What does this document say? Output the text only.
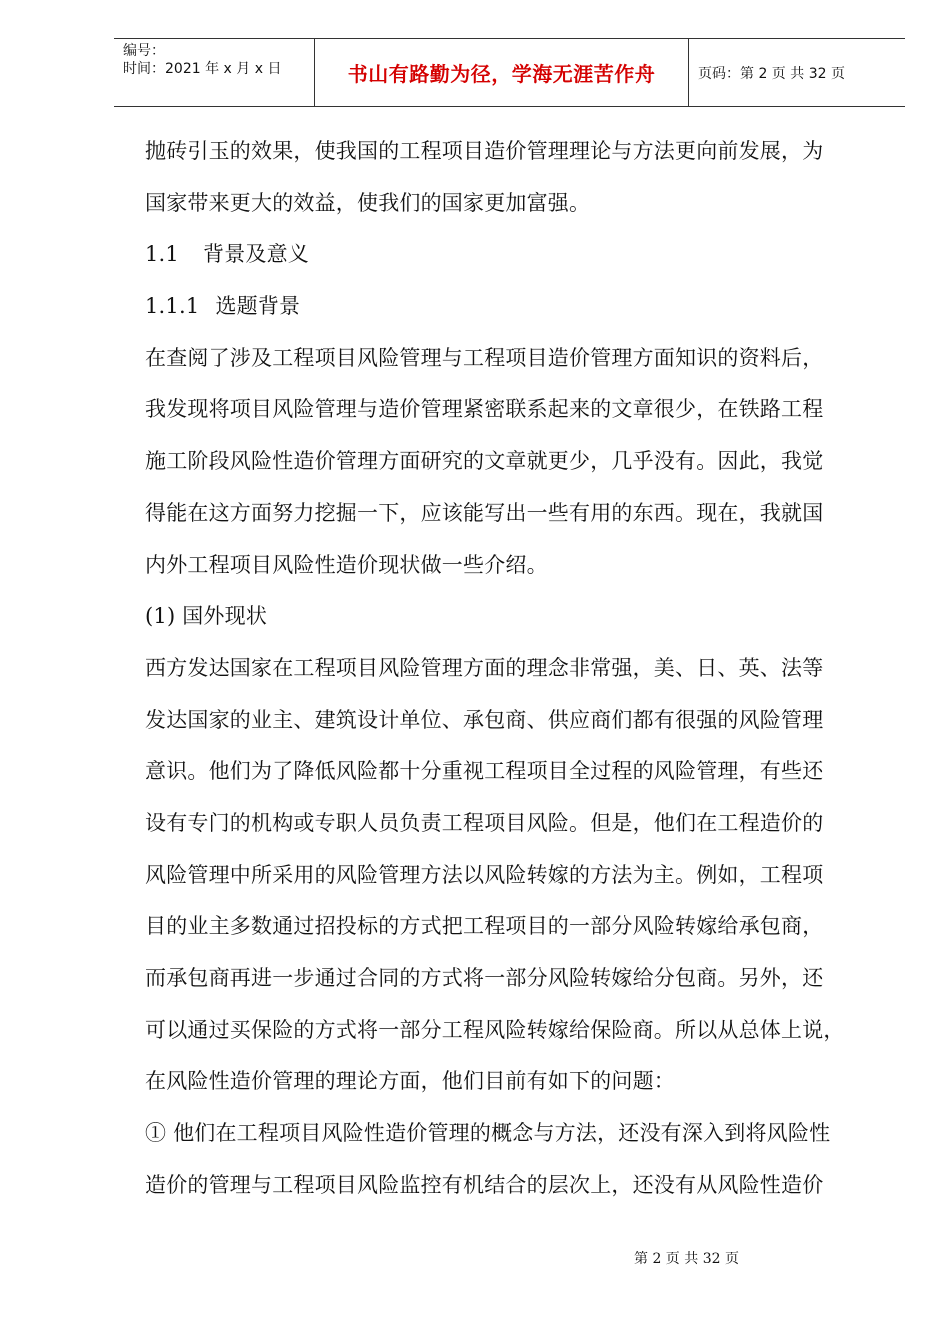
编号：
时间：2021 年 x 月 x 日	书山有路勤为径，学海无涯苦作舟	页码：第 2 页 共 32 页
抛砖引玉的效果，使我国的工程项目造价管理理论与方法更向前发展，为
国家带来更大的效益，使我们的国家更加富强。
1.1 背景及意义
1.1.1 选题背景
在查阅了涉及工程项目风险管理与工程项目造价管理方面知识的资料后，
我发现将项目风险管理与造价管理紧密联系起来的文章很少，在铁路工程
施工阶段风险性造价管理方面研究的文章就更少，几乎没有。因此，我觉
得能在这方面努力挖掘一下，应该能写出一些有用的东西。现在，我就国
内外工程项目风险性造价现状做一些介绍。
(1) 国外现状
西方发达国家在工程项目风险管理方面的理念非常强，美、日、英、法等
发达国家的业主、建筑设计单位、承包商、供应商们都有很强的风险管理
意识。他们为了降低风险都十分重视工程项目全过程的风险管理，有些还
设有专门的机构或专职人员负责工程项目风险。但是，他们在工程造价的
风险管理中所采用的风险管理方法以风险转嫁的方法为主。例如，工程项
目的业主多数通过招投标的方式把工程项目的一部分风险转嫁给承包商，
而承包商再进一步通过合同的方式将一部分风险转嫁给分包商。另外，还
可以通过买保险的方式将一部分工程风险转嫁给保险商。所以从总体上说，
在风险性造价管理的理论方面，他们目前有如下的问题：
① 他们在工程项目风险性造价管理的概念与方法，还没有深入到将风险性
造价的管理与工程项目风险监控有机结合的层次上，还没有从风险性造价
第 2 页 共 32 页
